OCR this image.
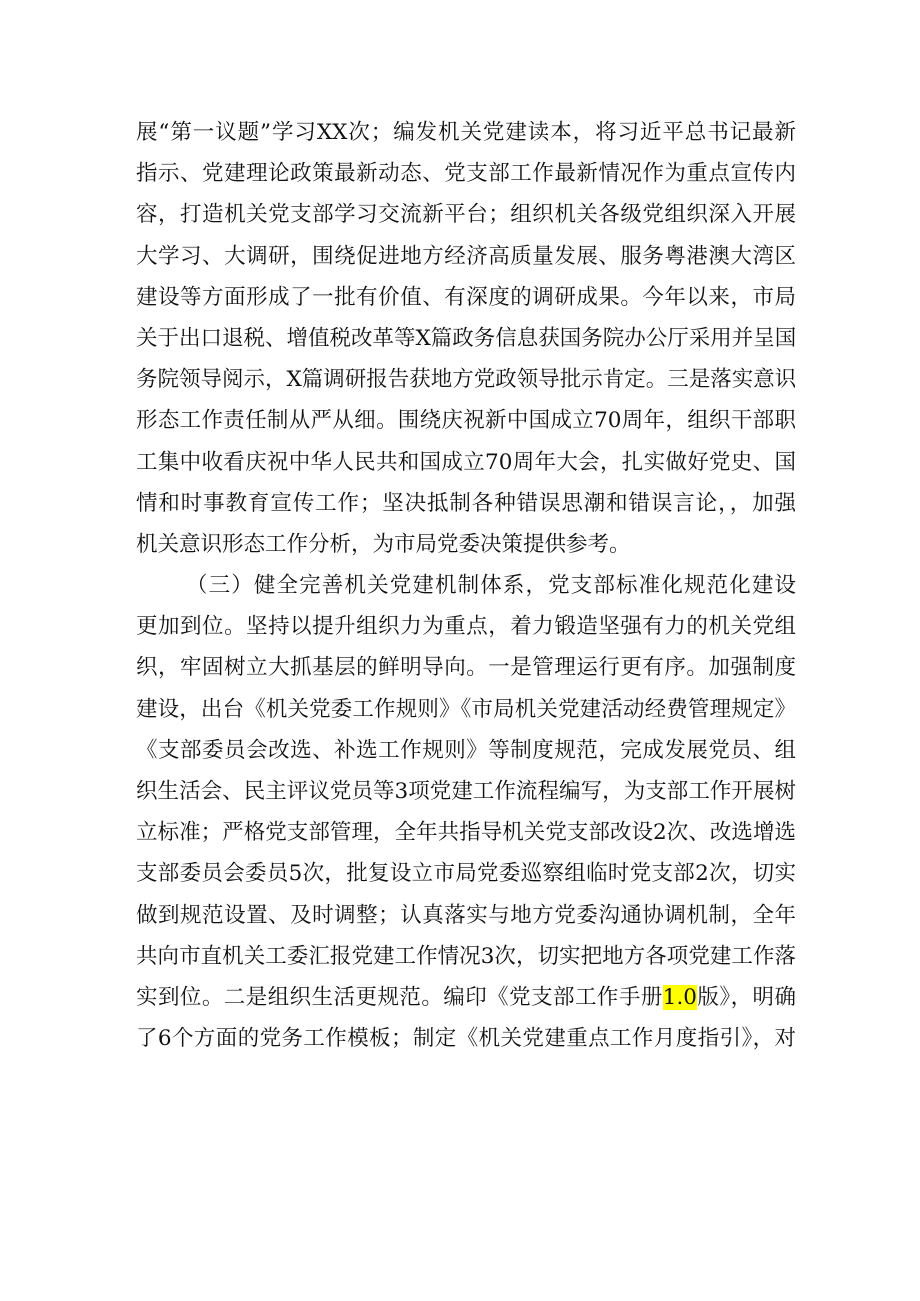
展“第一议题”学习XX次；编发机关党建读本，将习近平总书记最新
指示、党建理论政策最新动态、党支部工作最新情况作为重点宣传内
容，打造机关党支部学习交流新平台；组织机关各级党组织深入开展
大学习、大调研，围绕促进地方经济高质量发展、服务粤港澳大湾区
建设等方面形成了一批有价值、有深度的调研成果。今年以来，市局
关于出口退税、增值税改革等X篇政务信息获国务院办公厅采用并呈国
务院领导阅示，X篇调研报告获地方党政领导批示肯定。三是落实意识
形态工作责任制从严从细。围绕庆祝新中国成立70周年，组织干部职
工集中收看庆祝中华人民共和国成立70周年大会，扎实做好党史、国
情和时事教育宣传工作；坚决抵制各种错误思潮和错误言论，，加强
机关意识形态工作分析，为市局党委决策提供参考。
（三）健全完善机关党建机制体系，党支部标准化规范化建设
更加到位。坚持以提升组织力为重点，着力锻造坚强有力的机关党组
织，牢固树立大抓基层的鲜明导向。一是管理运行更有序。加强制度
建设，出台《机关党委工作规则》《市局机关党建活动经费管理规定》
《支部委员会改选、补选工作规则》等制度规范，完成发展党员、组
织生活会、民主评议党员等3项党建工作流程编写，为支部工作开展树
立标准；严格党支部管理，全年共指导机关党支部改设2次、改选增选
支部委员会委员5次，批复设立市局党委巡察组临时党支部2次，切实
做到规范设置、及时调整；认真落实与地方党委沟通协调机制，全年
共向市直机关工委汇报党建工作情况3次，切实把地方各项党建工作落
实到位。二是组织生活更规范。编印《党支部工作手册1.0版》，明确
了6个方面的党务工作模板；制定《机关党建重点工作月度指引》，对
